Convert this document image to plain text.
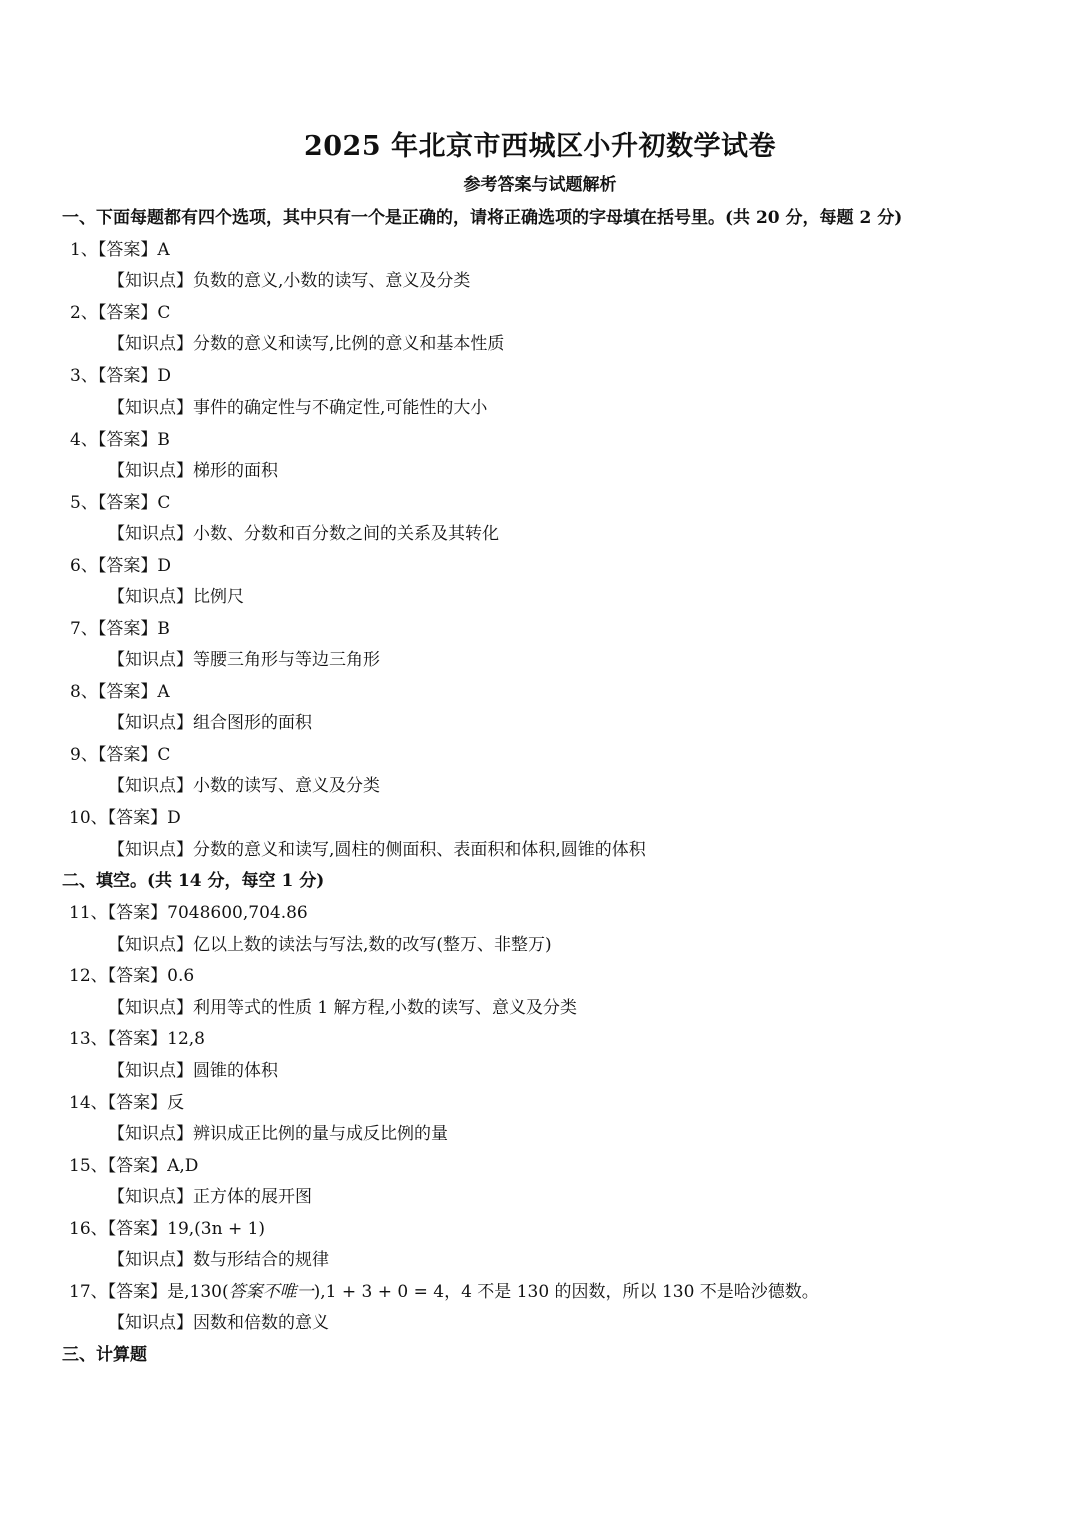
2025 年北京市西城区小升初数学试卷
参考答案与试题解析
一、下面每题都有四个选项，其中只有一个是正确的，请将正确选项的字母填在括号里。(共 20 分，每题 2 分)
1、【答案】A
【知识点】负数的意义,小数的读写、意义及分类
2、【答案】C
【知识点】分数的意义和读写,比例的意义和基本性质
3、【答案】D
【知识点】事件的确定性与不确定性,可能性的大小
4、【答案】B
【知识点】梯形的面积
5、【答案】C
【知识点】小数、分数和百分数之间的关系及其转化
6、【答案】D
【知识点】比例尺
7、【答案】B
【知识点】等腰三角形与等边三角形
8、【答案】A
【知识点】组合图形的面积
9、【答案】C
【知识点】小数的读写、意义及分类
10、【答案】D
【知识点】分数的意义和读写,圆柱的侧面积、表面积和体积,圆锥的体积
二、填空。(共 14 分，每空 1 分)
11、【答案】7048600,704.86
【知识点】亿以上数的读法与写法,数的改写(整万、非整万)
12、【答案】0.6
【知识点】利用等式的性质 1 解方程,小数的读写、意义及分类
13、【答案】12,8
【知识点】圆锥的体积
14、【答案】反
【知识点】辨识成正比例的量与成反比例的量
15、【答案】A,D
【知识点】正方体的展开图
16、【答案】19,(3n + 1)
【知识点】数与形结合的规律
17、【答案】是,130(答案不唯一),1 + 3 + 0 = 4，4 不是 130 的因数，所以 130 不是哈沙德数。
【知识点】因数和倍数的意义
三、计算题
